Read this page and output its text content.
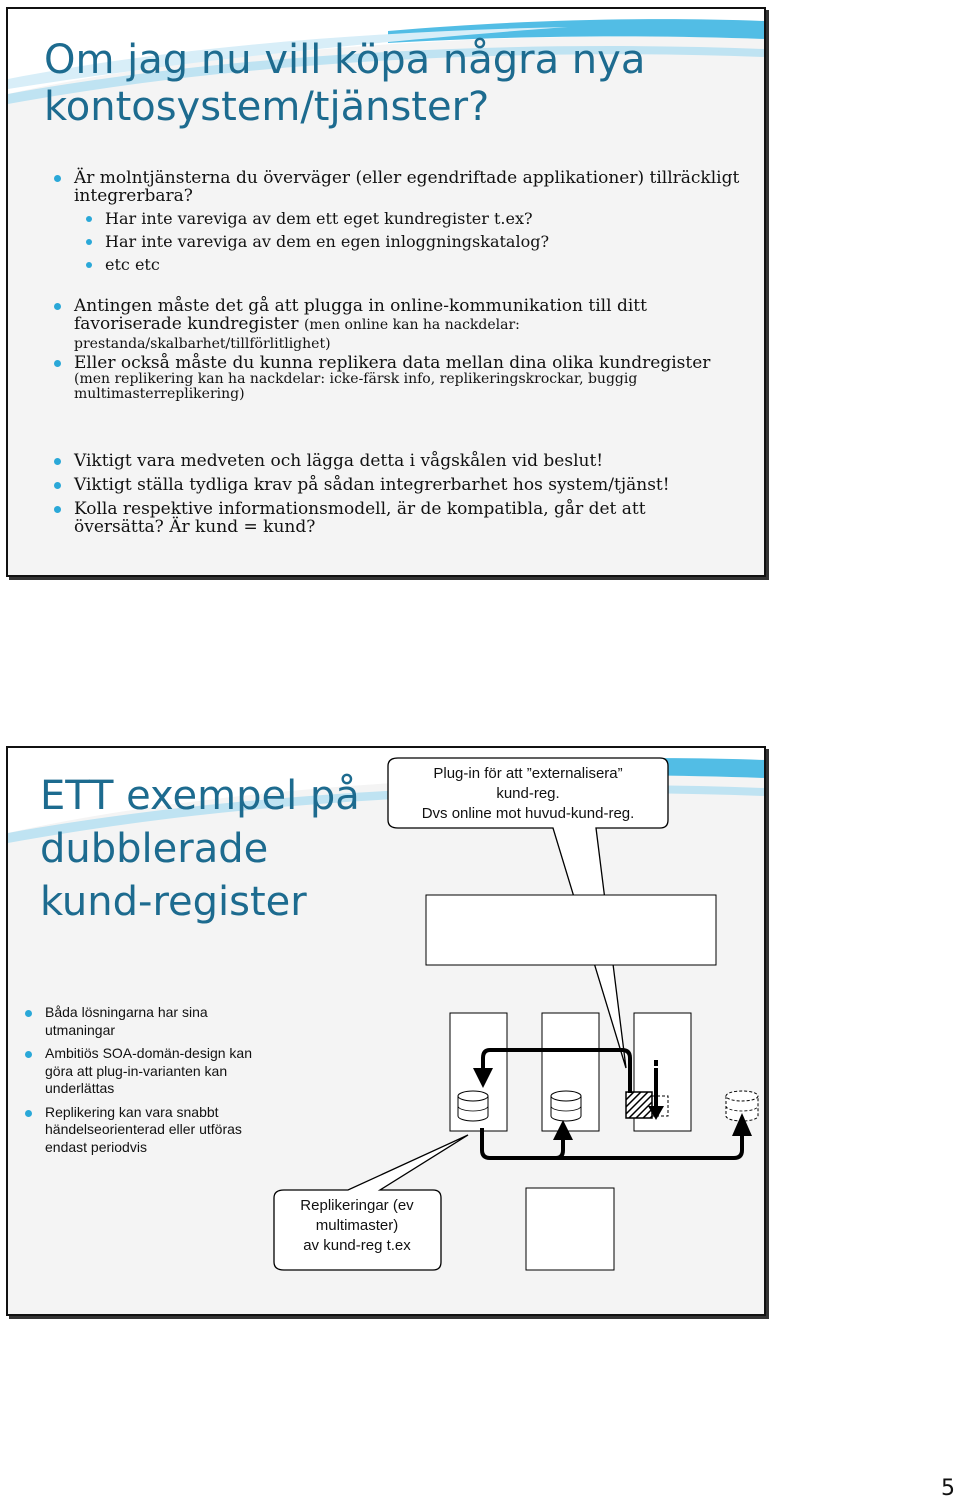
Om jag nu vill köpa några nya kontosystem/tjänster?
Är molntjänsterna du överväger (eller egendriftade applikationer) tillräckligt integrerbara?
Har inte vareviga av dem ett eget kundregister t.ex?
Har inte vareviga av dem en egen inloggningskatalog?
etc etc
Antingen måste det gå att plugga in online-kommunikation till ditt favoriserade kundregister (men online kan ha nackdelar: prestanda/skalbarhet/tillförlitlighet)
Eller också måste du kunna replikera data mellan dina olika kundregister
(men replikering kan ha nackdelar: icke-färsk info, replikeringskrockar, buggig multimasterreplikering)
Viktigt vara medveten och lägga detta i vågskålen vid beslut!
Viktigt ställa tydliga krav på sådan integrerbarhet hos system/tjänst!
Kolla respektive informationsmodell, är de kompatibla, går det att översätta? Är kund = kund?
ETT exempel på dubblerade kund-register
Plug-in för att ”externalisera”
kund-reg.
Dvs online mot huvud-kund-reg.
Replikeringar (ev
multimaster)
av kund-reg t.ex
Båda lösningarna har sina utmaningar
Ambitiös SOA-domän-design kan göra att plug-in-varianten kan underlättas
Replikering kan vara snabbt händelseorienterad eller utföras endast periodvis
5
